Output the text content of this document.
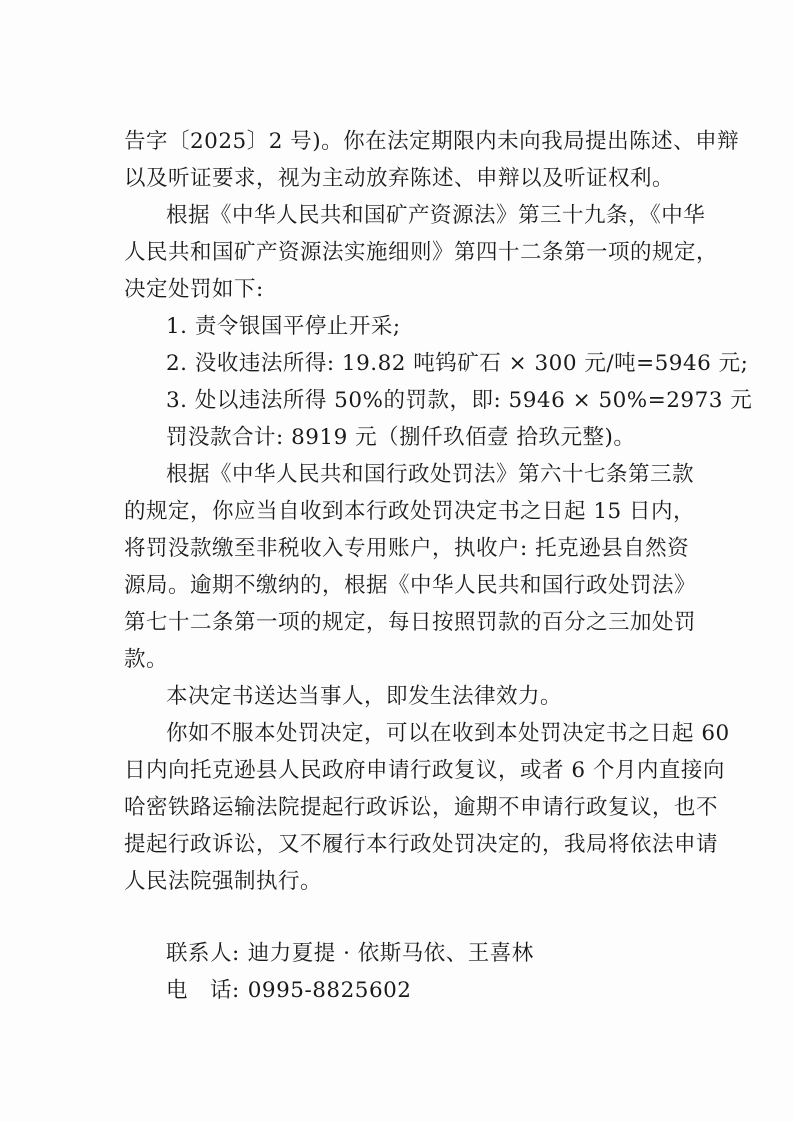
告字〔2025〕2 号)。你在法定期限内未向我局提出陈述、申辩
以及听证要求，视为主动放弃陈述、申辩以及听证权利。
根据《中华人民共和国矿产资源法》第三十九条，《中华
人民共和国矿产资源法实施细则》第四十二条第一项的规定，
决定处罚如下:
1. 责令银国平停止开采;
2. 没收违法所得: 19.82 吨钨矿石 × 300 元/吨=5946 元;
3. 处以违法所得 50%的罚款，即: 5946 × 50%=2973 元
罚没款合计: 8919 元（捌仟玖佰壹 拾玖元整)。
根据《中华人民共和国行政处罚法》第六十七条第三款
的规定，你应当自收到本行政处罚决定书之日起 15 日内，
将罚没款缴至非税收入专用账户，执收户: 托克逊县自然资
源局。逾期不缴纳的，根据《中华人民共和国行政处罚法》
第七十二条第一项的规定，每日按照罚款的百分之三加处罚
款。
本决定书送达当事人，即发生法律效力。
你如不服本处罚决定，可以在收到本处罚决定书之日起 60
日内向托克逊县人民政府申请行政复议，或者 6 个月内直接向
哈密铁路运输法院提起行政诉讼，逾期不申请行政复议，也不
提起行政诉讼，又不履行本行政处罚决定的，我局将依法申请
人民法院强制执行。
联系人: 迪力夏提 · 依斯马依、王喜林
电　话: 0995-8825602
